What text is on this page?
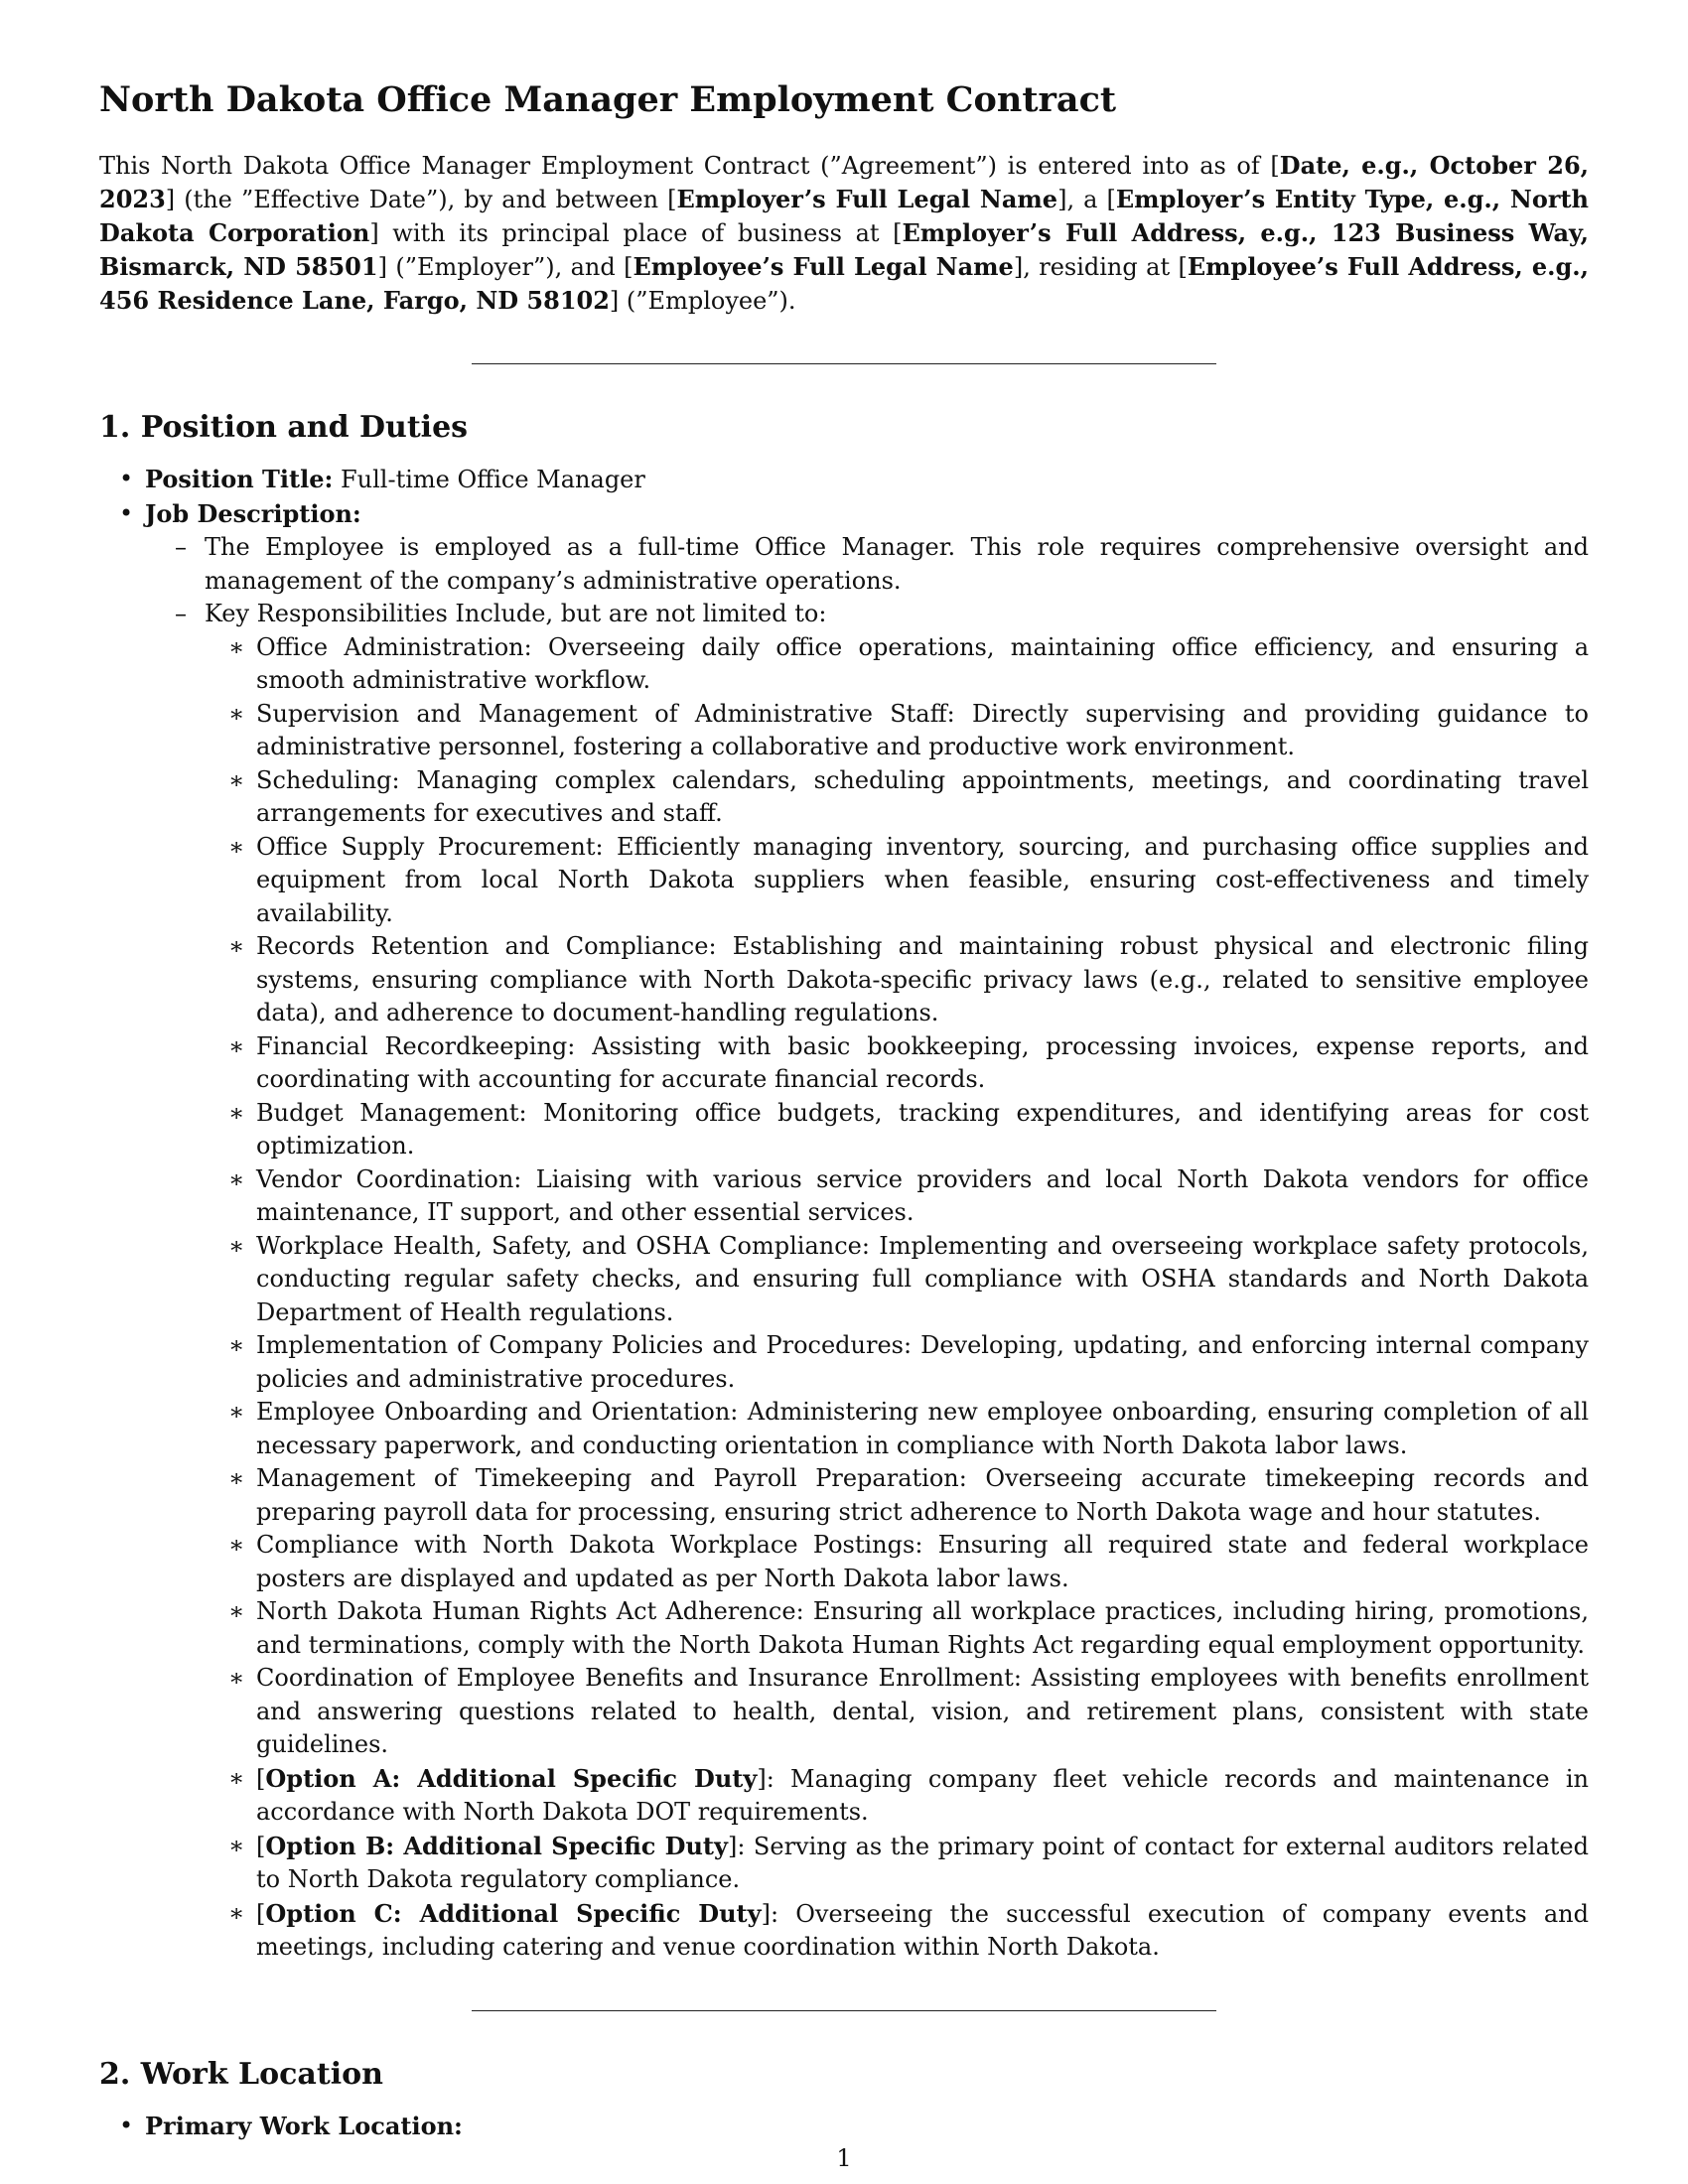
North Dakota Office Manager Employment Contract

This North Dakota Office Manager Employment Contract (”Agreement”) is entered into as of [Date, e.g., October 26, 2023] (the ”Effective Date”), by and between [Employer’s Full Legal Name], a [Employer’s Entity Type, e.g., North Dakota Corporation] with its principal place of business at [Employer’s Full Address, e.g., 123 Business Way, Bismarck, ND 58501] (”Employer”), and [Employee’s Full Legal Name], residing at [Employee’s Full Address, e.g., 456 Residence Lane, Fargo, ND 58102] (”Employee”).

1. Position and Duties
• Position Title: Full-time Office Manager
• Job Description:
– The Employee is employed as a full-time Office Manager. This role requires comprehensive oversight and management of the company’s administrative operations.
– Key Responsibilities Include, but are not limited to:
∗ Office Administration: Overseeing daily office operations, maintaining office efficiency, and ensuring a smooth administrative workflow.
∗ Supervision and Management of Administrative Staff: Directly supervising and providing guidance to administrative personnel, fostering a collaborative and productive work environment.
∗ Scheduling: Managing complex calendars, scheduling appointments, meetings, and coordinating travel arrangements for executives and staff.
∗ Office Supply Procurement: Efficiently managing inventory, sourcing, and purchasing office supplies and equipment from local North Dakota suppliers when feasible, ensuring cost-effectiveness and timely availability.
∗ Records Retention and Compliance: Establishing and maintaining robust physical and electronic filing systems, ensuring compliance with North Dakota-specific privacy laws (e.g., related to sensitive employee data), and adherence to document-handling regulations.
∗ Financial Recordkeeping: Assisting with basic bookkeeping, processing invoices, expense reports, and coordinating with accounting for accurate financial records.
∗ Budget Management: Monitoring office budgets, tracking expenditures, and identifying areas for cost optimization.
∗ Vendor Coordination: Liaising with various service providers and local North Dakota vendors for office maintenance, IT support, and other essential services.
∗ Workplace Health, Safety, and OSHA Compliance: Implementing and overseeing workplace safety protocols, conducting regular safety checks, and ensuring full compliance with OSHA standards and North Dakota Department of Health regulations.
∗ Implementation of Company Policies and Procedures: Developing, updating, and enforcing internal company policies and administrative procedures.
∗ Employee Onboarding and Orientation: Administering new employee onboarding, ensuring completion of all necessary paperwork, and conducting orientation in compliance with North Dakota labor laws.
∗ Management of Timekeeping and Payroll Preparation: Overseeing accurate timekeeping records and preparing payroll data for processing, ensuring strict adherence to North Dakota wage and hour statutes.
∗ Compliance with North Dakota Workplace Postings: Ensuring all required state and federal workplace posters are displayed and updated as per North Dakota labor laws.
∗ North Dakota Human Rights Act Adherence: Ensuring all workplace practices, including hiring, promotions, and terminations, comply with the North Dakota Human Rights Act regarding equal employment opportunity.
∗ Coordination of Employee Benefits and Insurance Enrollment: Assisting employees with benefits enrollment and answering questions related to health, dental, vision, and retirement plans, consistent with state guidelines.
∗ [Option A: Additional Specific Duty]: Managing company fleet vehicle records and maintenance in accordance with North Dakota DOT requirements.
∗ [Option B: Additional Specific Duty]: Serving as the primary point of contact for external auditors related to North Dakota regulatory compliance.
∗ [Option C: Additional Specific Duty]: Overseeing the successful execution of company events and meetings, including catering and venue coordination within North Dakota.
2. Work Location
• Primary Work Location:
1
